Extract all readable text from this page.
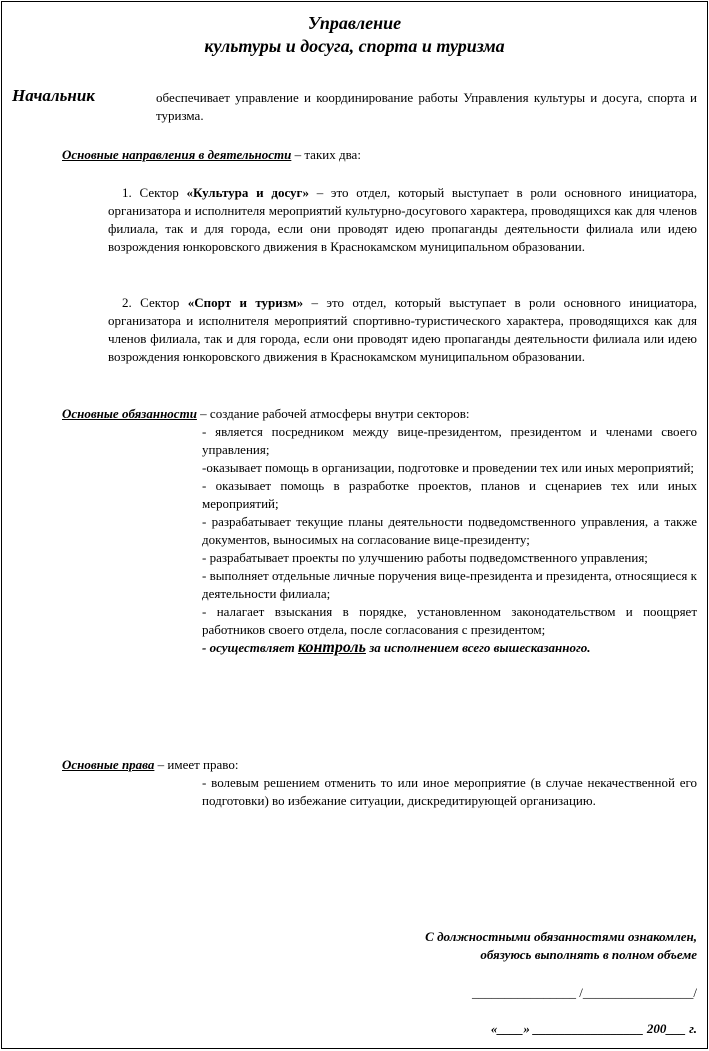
Управление
культуры и досуга, спорта и туризма
Начальник	обеспечивает управление и координирование работы Управления культуры и досуга, спорта и туризма.
Основные направления в деятельности – таких два:
1. Сектор «Культура и досуг» – это отдел, который выступает в роли основного инициатора, организатора и исполнителя мероприятий культурно-досугового характера, проводящихся как для членов филиала, так и для города, если они проводят идею пропаганды деятельности филиала или идею возрождения юнкоровского движения в Краснокамском муниципальном образовании.
2. Сектор «Спорт и туризм» – это отдел, который выступает в роли основного инициатора, организатора и исполнителя мероприятий спортивно-туристического характера, проводящихся как для членов филиала, так и для города, если они проводят идею пропаганды деятельности филиала или идею возрождения юнкоровского движения в Краснокамском муниципальном образовании.
Основные обязанности – создание рабочей атмосферы внутри секторов:
- является посредником между вице-президентом, президентом и членами своего управления;
-оказывает помощь в организации, подготовке и проведении тех или иных мероприятий;
- оказывает помощь в разработке проектов, планов и сценариев тех или иных мероприятий;
- разрабатывает текущие планы деятельности подведомственного управления, а также документов, выносимых на согласование вице-президенту;
- разрабатывает проекты по улучшению работы подведомственного управления;
- выполняет отдельные личные поручения вице-президента и президента, относящиеся к деятельности филиала;
- налагает взыскания в порядке, установленном законодательством и поощряет работников своего отдела, после согласования с президентом;
- осуществляет контроль за исполнением всего вышесказанного.
Основные права – имеет право:
- волевым решением отменить то или иное мероприятие (в случае некачественной его подготовки) во избежание ситуации, дискредитирующей организацию.
С должностными обязанностями ознакомлен,
обязуюсь выполнять в полном объеме
________________ /_________________/
«____» _________________ 200___ г.
